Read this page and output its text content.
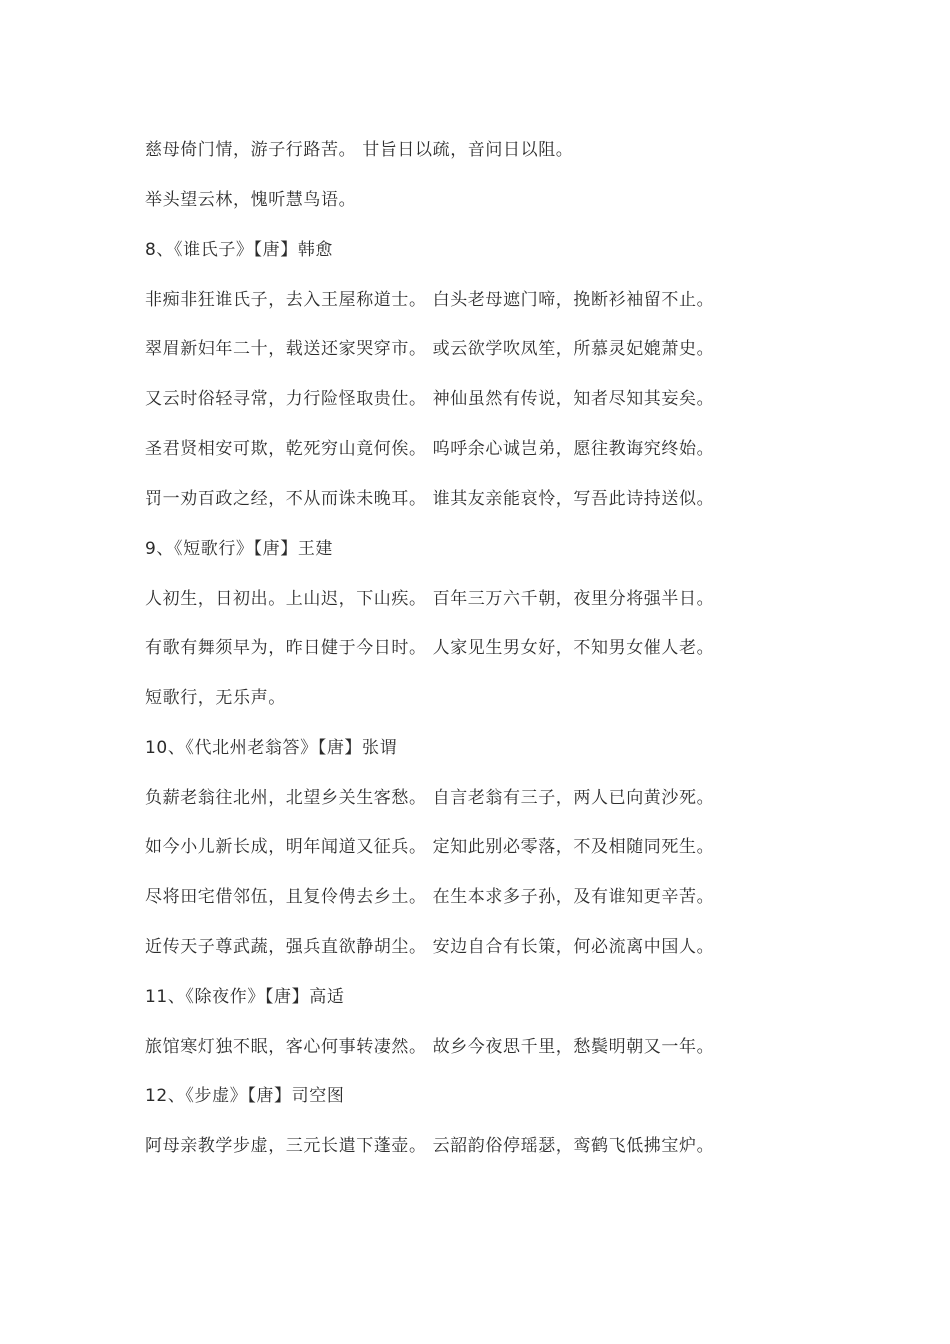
慈母倚门情，游子行路苦。 甘旨日以疏，音问日以阻。

举头望云林，愧听慧鸟语。

8、《谁氏子》【唐】韩愈

非痴非狂谁氏子，去入王屋称道士。 白头老母遮门啼，挽断衫袖留不止。

翠眉新妇年二十，载送还家哭穿市。 或云欲学吹凤笙，所慕灵妃媲萧史。

又云时俗轻寻常，力行险怪取贵仕。 神仙虽然有传说，知者尽知其妄矣。

圣君贤相安可欺，乾死穷山竟何俟。 呜呼余心诚岂弟，愿往教诲究终始。

罚一劝百政之经，不从而诛未晚耳。 谁其友亲能哀怜，写吾此诗持送似。

9、《短歌行》【唐】王建

人初生，日初出。上山迟，下山疾。 百年三万六千朝，夜里分将强半日。

有歌有舞须早为，昨日健于今日时。 人家见生男女好，不知男女催人老。

短歌行，无乐声。

10、《代北州老翁答》【唐】张谓

负薪老翁往北州，北望乡关生客愁。 自言老翁有三子，两人已向黄沙死。

如今小儿新长成，明年闻道又征兵。 定知此别必零落，不及相随同死生。

尽将田宅借邻伍，且复伶俜去乡土。 在生本求多子孙，及有谁知更辛苦。

近传天子尊武蔬，强兵直欲静胡尘。 安边自合有长策，何必流离中国人。

11、《除夜作》【唐】高适

旅馆寒灯独不眠，客心何事转凄然。 故乡今夜思千里，愁鬓明朝又一年。

12、《步虚》【唐】司空图

阿母亲教学步虚，三元长遣下蓬壶。 云韶韵俗停瑶瑟，鸾鹤飞低拂宝炉。
